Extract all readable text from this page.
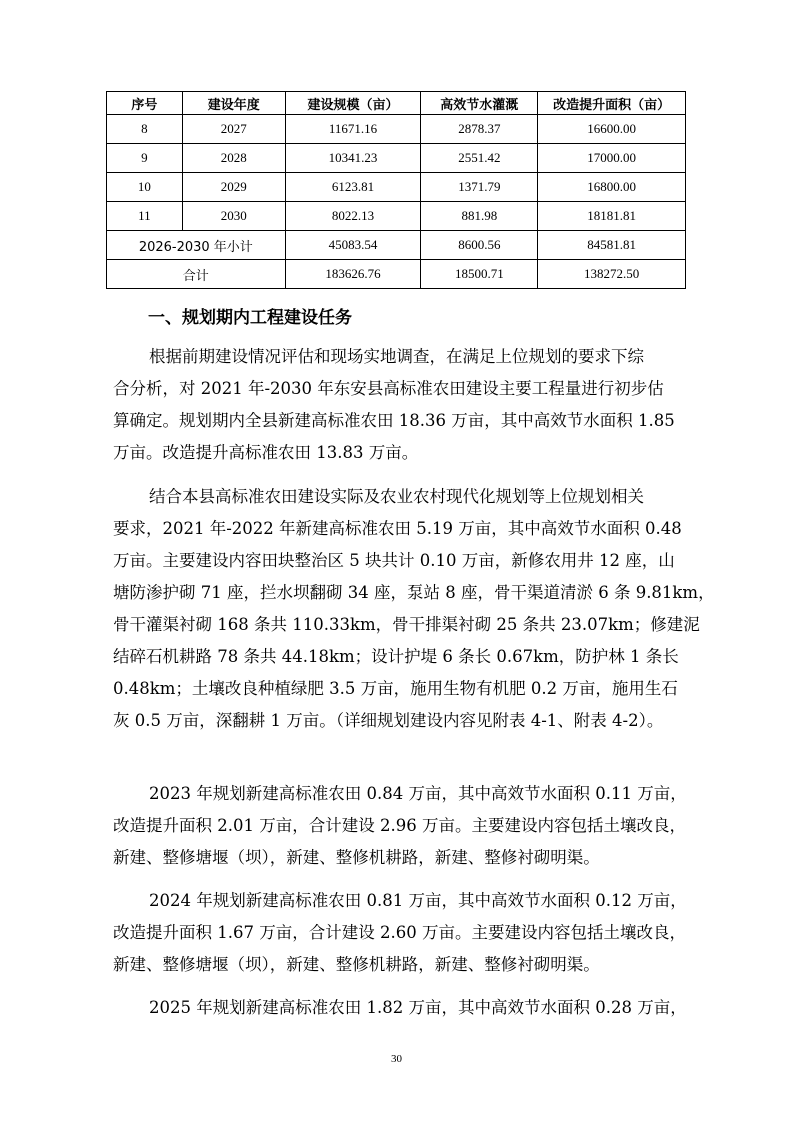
序号	建设年度	建设规模（亩）	高效节水灌溉	改造提升面积（亩）
8	2027	11671.16	2878.37	16600.00
9	2028	10341.23	2551.42	17000.00
10	2029	6123.81	1371.79	16800.00
11	2030	8022.13	881.98	18181.81
2026-2030 年小计		45083.54	8600.56	84581.81
合计		183626.76	18500.71	138272.50
一、规划期内工程建设任务
根据前期建设情况评估和现场实地调查，在满足上位规划的要求下综
合分析，对 2021 年-2030 年东安县高标准农田建设主要工程量进行初步估
算确定。规划期内全县新建高标准农田 18.36 万亩，其中高效节水面积 1.85
万亩。改造提升高标准农田 13.83 万亩。
结合本县高标准农田建设实际及农业农村现代化规划等上位规划相关
要求，2021 年-2022 年新建高标准农田 5.19 万亩，其中高效节水面积 0.48
万亩。主要建设内容田块整治区 5 块共计 0.10 万亩，新修农用井 12 座，山
塘防渗护砌 71 座，拦水坝翻砌 34 座，泵站 8 座，骨干渠道清淤 6 条 9.81km，
骨干灌渠衬砌 168 条共 110.33km，骨干排渠衬砌 25 条共 23.07km；修建泥
结碎石机耕路 78 条共 44.18km；设计护堤 6 条长 0.67km，防护林 1 条长
0.48km；土壤改良种植绿肥 3.5 万亩，施用生物有机肥 0.2 万亩，施用生石
灰 0.5 万亩，深翻耕 1 万亩。（详细规划建设内容见附表 4-1、附表 4-2）。
2023 年规划新建高标准农田 0.84 万亩，其中高效节水面积 0.11 万亩，
改造提升面积 2.01 万亩，合计建设 2.96 万亩。主要建设内容包括土壤改良，
新建、整修塘堰（坝），新建、整修机耕路，新建、整修衬砌明渠。
2024 年规划新建高标准农田 0.81 万亩，其中高效节水面积 0.12 万亩，
改造提升面积 1.67 万亩，合计建设 2.60 万亩。主要建设内容包括土壤改良，
新建、整修塘堰（坝），新建、整修机耕路，新建、整修衬砌明渠。
2025 年规划新建高标准农田 1.82 万亩，其中高效节水面积 0.28 万亩，
30
